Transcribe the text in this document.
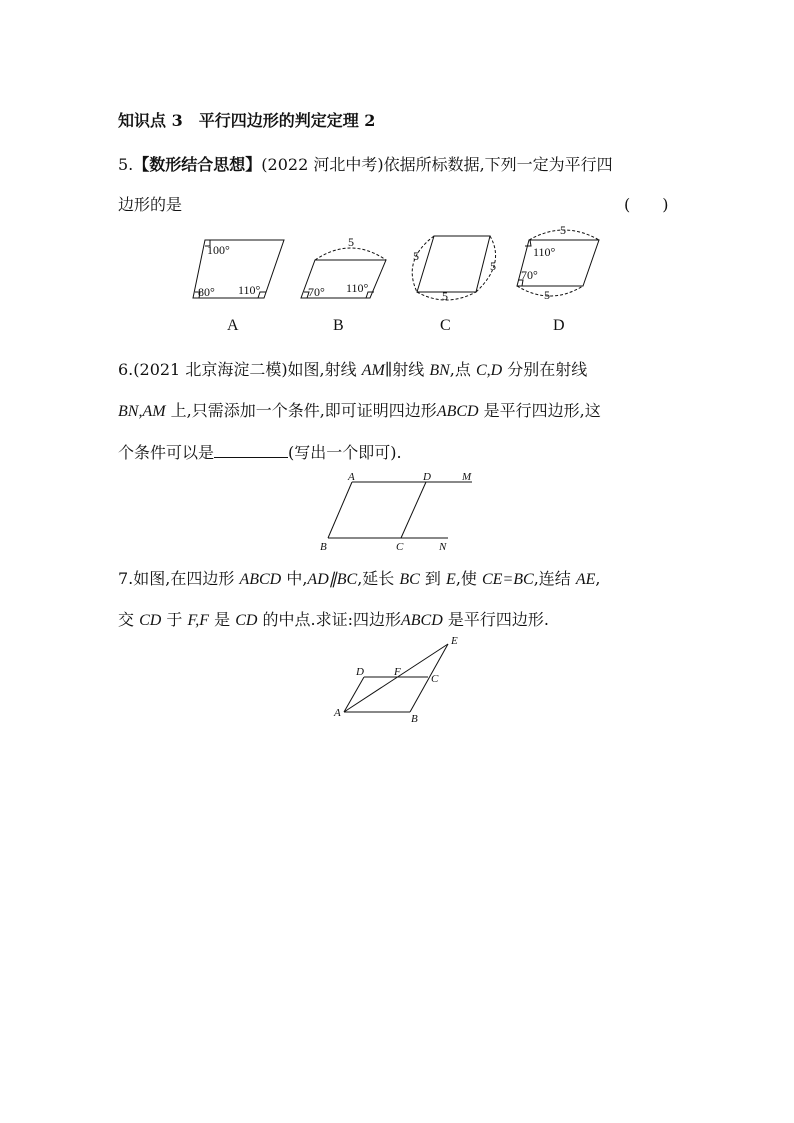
知识点 3　平行四边形的判定定理 2
5.【数形结合思想】(2022 河北中考)依据所标数据,下列一定为平行四
边形的是	(　　)
100°
80° 110°
5
70° 110°
5
5
5
5
110°
70°
5
A	B	C	D
6.(2021 北京海淀二模)如图,射线 AM∥射线 BN,点 C,D 分别在射线
BN,AM 上,只需添加一个条件,即可证明四边形ABCD 是平行四边形,这
个条件可以是	(写出一个即可).
A	D	M
B	C	N
7.如图,在四边形 ABCD 中,AD∥BC,延长 BC 到 E,使 CE=BC,连结 AE,
交 CD 于 F,F 是 CD 的中点.求证:四边形ABCD 是平行四边形.
A	B
C
D
E
F
